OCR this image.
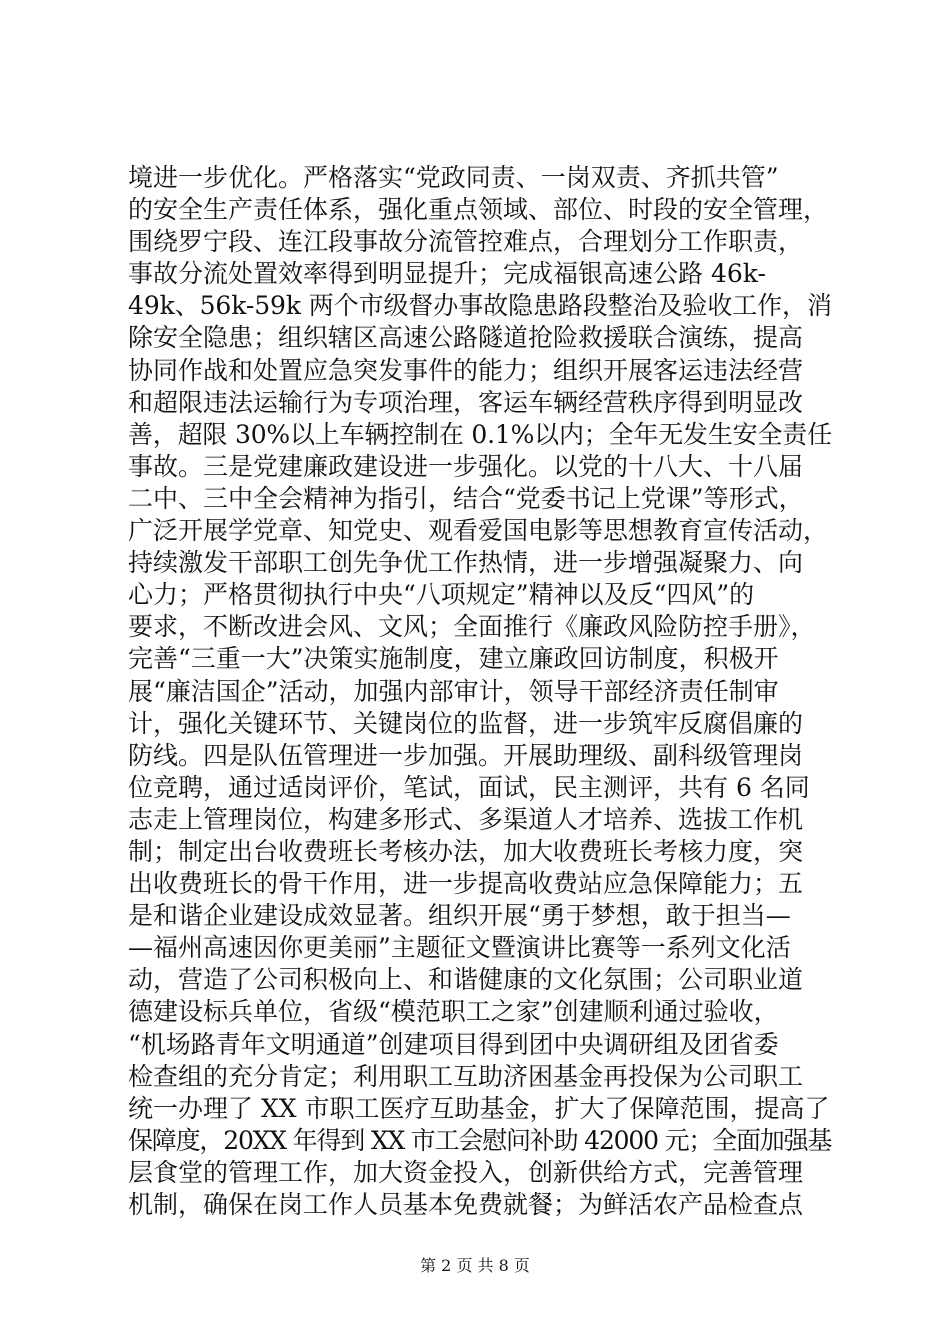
境进一步优化。严格落实“党政同责、一岗双责、齐抓共管”
的安全生产责任体系，强化重点领域、部位、时段的安全管理，
围绕罗宁段、连江段事故分流管控难点，合理划分工作职责，
事故分流处置效率得到明显提升；完成福银高速公路 46k-
49k、56k-59k 两个市级督办事故隐患路段整治及验收工作，消
除安全隐患；组织辖区高速公路隧道抢险救援联合演练，提高
协同作战和处置应急突发事件的能力；组织开展客运违法经营
和超限违法运输行为专项治理，客运车辆经营秩序得到明显改
善，超限 30%以上车辆控制在 0.1%以内；全年无发生安全责任
事故。三是党建廉政建设进一步强化。以党的十八大、十八届
二中、三中全会精神为指引，结合“党委书记上党课”等形式，
广泛开展学党章、知党史、观看爱国电影等思想教育宣传活动，
持续激发干部职工创先争优工作热情，进一步增强凝聚力、向
心力；严格贯彻执行中央“八项规定”精神以及反“四风”的
要求，不断改进会风、文风；全面推行《廉政风险防控手册》，
完善“三重一大”决策实施制度，建立廉政回访制度，积极开
展“廉洁国企”活动，加强内部审计，领导干部经济责任制审
计，强化关键环节、关键岗位的监督，进一步筑牢反腐倡廉的
防线。四是队伍管理进一步加强。开展助理级、副科级管理岗
位竞聘，通过适岗评价，笔试，面试，民主测评，共有 6 名同
志走上管理岗位，构建多形式、多渠道人才培养、选拔工作机
制；制定出台收费班长考核办法，加大收费班长考核力度，突
出收费班长的骨干作用，进一步提高收费站应急保障能力；五
是和谐企业建设成效显著。组织开展“勇于梦想，敢于担当—
—福州高速因你更美丽”主题征文暨演讲比赛等一系列文化活
动，营造了公司积极向上、和谐健康的文化氛围；公司职业道
德建设标兵单位，省级“模范职工之家”创建顺利通过验收，
“机场路青年文明通道”创建项目得到团中央调研组及团省委
检查组的充分肯定；利用职工互助济困基金再投保为公司职工
统一办理了 XX 市职工医疗互助基金，扩大了保障范围，提高了
保障度，20XX 年得到 XX 市工会慰问补助 42000 元；全面加强基
层食堂的管理工作，加大资金投入，创新供给方式，完善管理
机制，确保在岗工作人员基本免费就餐；为鲜活农产品检查点
第 2 页 共 8 页
